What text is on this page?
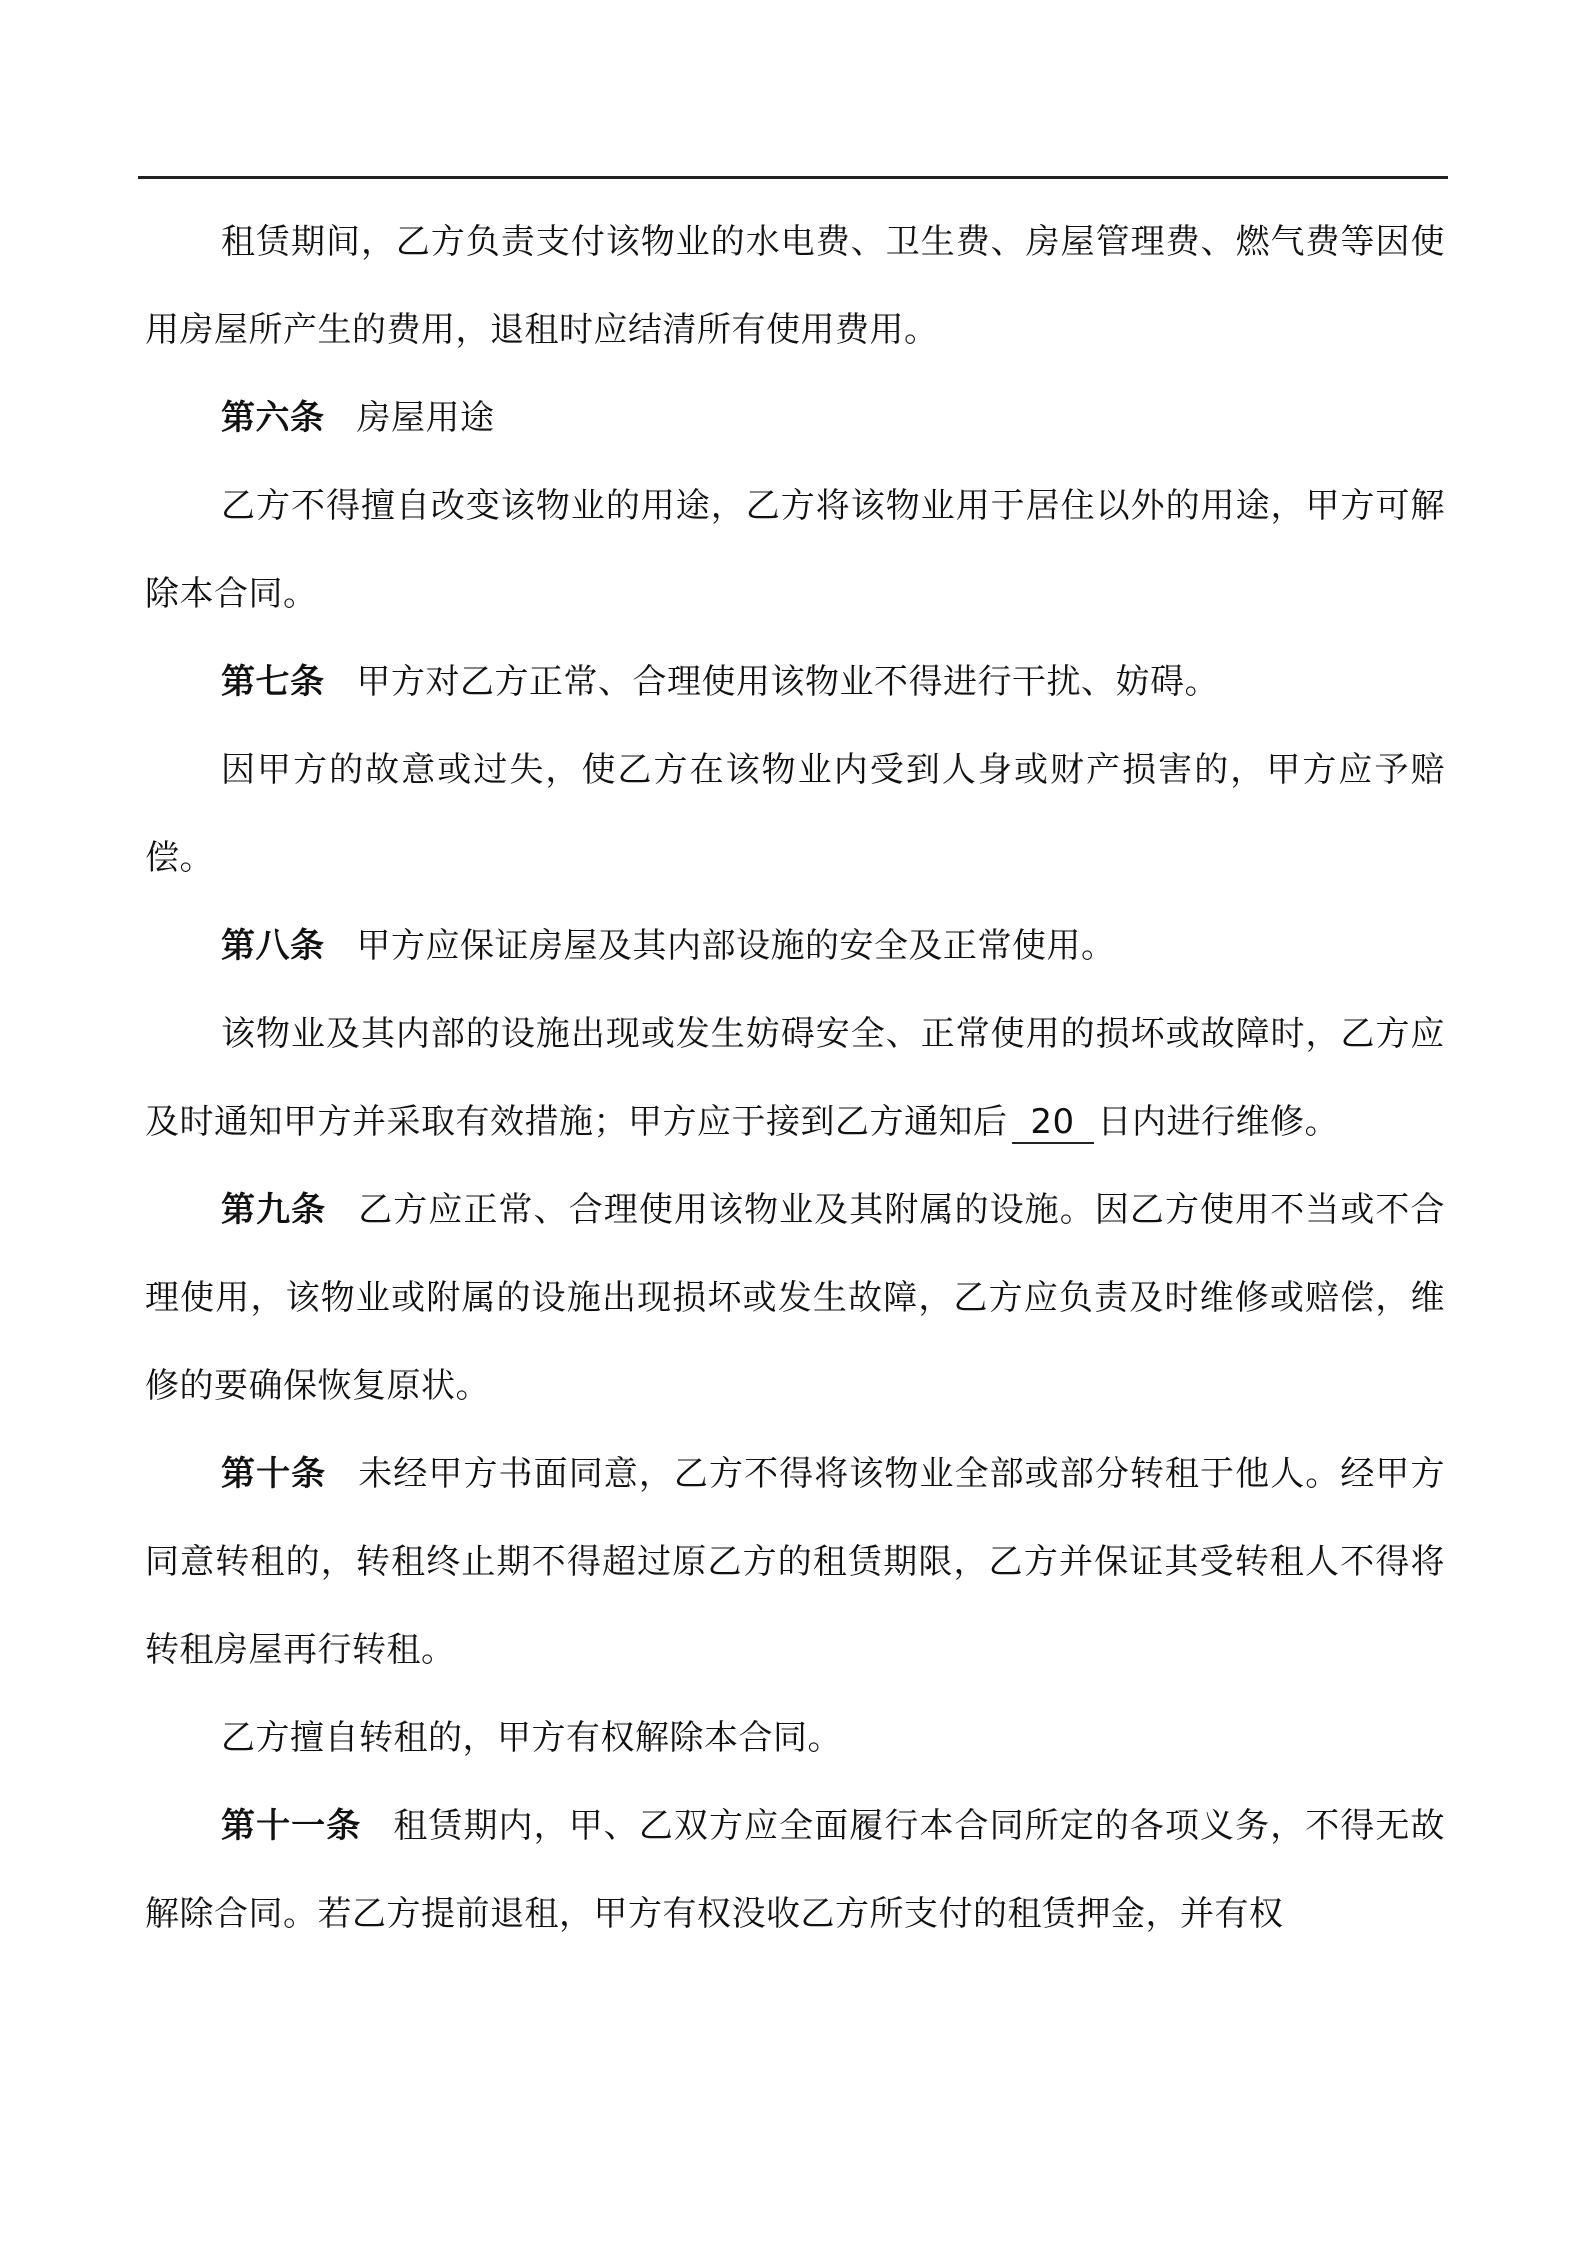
租赁期间，乙方负责支付该物业的水电费、卫生费、房屋管理费、燃气费等因使用房屋所产生的费用，退租时应结清所有使用费用。

第六条 房屋用途

乙方不得擅自改变该物业的用途，乙方将该物业用于居住以外的用途，甲方可解除本合同。

第七条 甲方对乙方正常、合理使用该物业不得进行干扰、妨碍。

因甲方的故意或过失，使乙方在该物业内受到人身或财产损害的，甲方应予赔偿。

第八条 甲方应保证房屋及其内部设施的安全及正常使用。

该物业及其内部的设施出现或发生妨碍安全、正常使用的损坏或故障时，乙方应及时通知甲方并采取有效措施；甲方应于接到乙方通知后 20 日内进行维修。

第九条 乙方应正常、合理使用该物业及其附属的设施。因乙方使用不当或不合理使用，该物业或附属的设施出现损坏或发生故障，乙方应负责及时维修或赔偿，维修的要确保恢复原状。

第十条 未经甲方书面同意，乙方不得将该物业全部或部分转租于他人。经甲方同意转租的，转租终止期不得超过原乙方的租赁期限，乙方并保证其受转租人不得将转租房屋再行转租。

乙方擅自转租的，甲方有权解除本合同。

第十一条 租赁期内，甲、乙双方应全面履行本合同所定的各项义务，不得无故解除合同。若乙方提前退租，甲方有权没收乙方所支付的租赁押金，并有权
